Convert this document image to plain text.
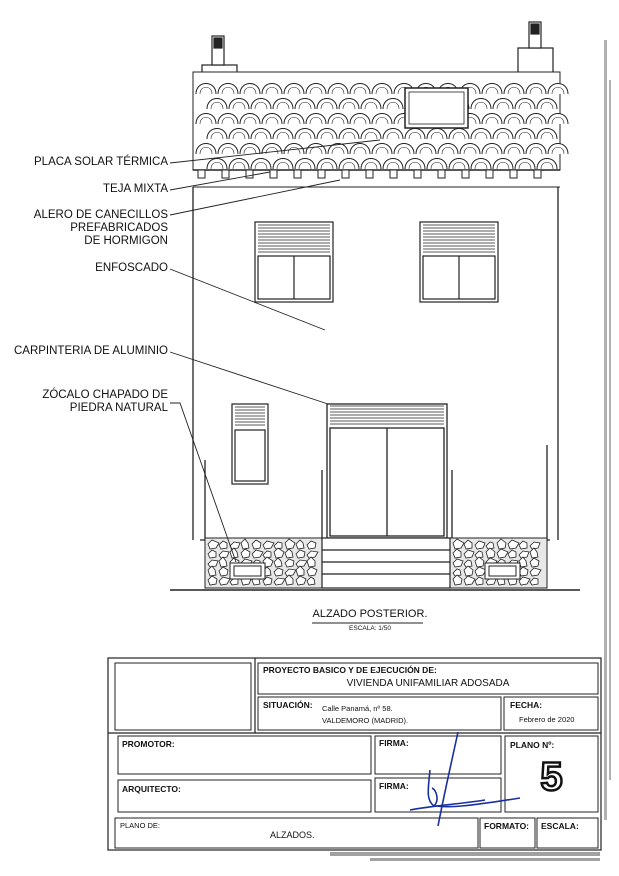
PLACA SOLAR TÉRMICA
TEJA MIXTA
ALERO DE CANECILLOS
PREFABRICADOS
DE HORMIGON
ENFOSCADO
CARPINTERIA DE ALUMINIO
ZÓCALO CHAPADO DE
PIEDRA NATURAL
ALZADO POSTERIOR.
ESCALA: 1/50
PROYECTO BASICO Y DE EJECUCIÓN DE:
VIVIENDA UNIFAMILIAR ADOSADA
SITUACIÓN: Calle Panamá, nº 58.
VALDEMORO (MADRID).
FECHA:
Febrero de 2020
PROMOTOR:	FIRMA:	PLANO Nº:
5
ARQUITECTO:	FIRMA:
PLANO DE:
ALZADOS.
FORMATO: ESCALA:
